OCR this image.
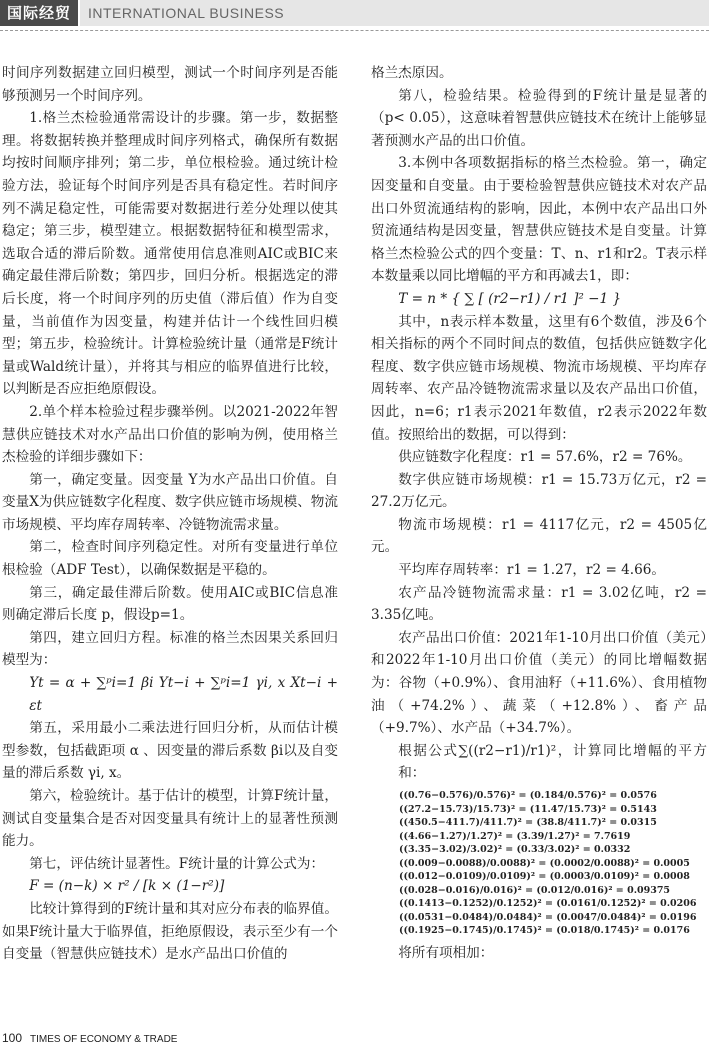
国际经贸	INTERNATIONAL BUSINESS

时间序列数据建立回归模型，测试一个时间序列是否能够预测另一个时间序列。

1.格兰杰检验通常需设计的步骤。第一步，数据整理。将数据转换并整理成时间序列格式，确保所有数据均按时间顺序排列；第二步，单位根检验。通过统计检验方法，验证每个时间序列是否具有稳定性。若时间序列不满足稳定性，可能需要对数据进行差分处理以使其稳定；第三步，模型建立。根据数据特征和模型需求，选取合适的滞后阶数。通常使用信息准则AIC或BIC来确定最佳滞后阶数；第四步，回归分析。根据选定的滞后长度，将一个时间序列的历史值（滞后值）作为自变量，当前值作为因变量，构建并估计一个线性回归模型；第五步，检验统计。计算检验统计量（通常是F统计量或Wald统计量），并将其与相应的临界值进行比较，以判断是否应拒绝原假设。

2.单个样本检验过程步骤举例。以2021-2022年智慧供应链技术对水产品出口价值的影响为例，使用格兰杰检验的详细步骤如下：

第一，确定变量。因变量 Y为水产品出口价值。自变量X为供应链数字化程度、数字供应链市场规模、物流市场规模、平均库存周转率、冷链物流需求量。

第二，检查时间序列稳定性。对所有变量进行单位根检验（ADF Test），以确保数据是平稳的。

第三，确定最佳滞后阶数。使用AIC或BIC信息准则确定滞后长度 p，假设p=1。

第四，建立回归方程。标准的格兰杰因果关系回归模型为：

Yt = α + ∑ᵖi=1 βi Yt−i + ∑ᵖi=1 γi, x Xt−i + εt

第五，采用最小二乘法进行回归分析，从而估计模型参数，包括截距项 α 、因变量的滞后系数 βi以及自变量的滞后系数 γi, x。

第六，检验统计。基于估计的模型，计算F统计量，测试自变量集合是否对因变量具有统计上的显著性预测能力。

第七，评估统计显著性。F统计量的计算公式为：

F = (n−k) × r² / [k × (1−r²)]

比较计算得到的F统计量和其对应分布表的临界值。如果F统计量大于临界值，拒绝原假设，表示至少有一个自变量（智慧供应链技术）是水产品出口价值的

格兰杰原因。

第八，检验结果。检验得到的F统计量是显著的（p< 0.05），这意味着智慧供应链技术在统计上能够显著预测水产品的出口价值。

3.本例中各项数据指标的格兰杰检验。第一，确定因变量和自变量。由于要检验智慧供应链技术对农产品出口外贸流通结构的影响，因此，本例中农产品出口外贸流通结构是因变量，智慧供应链技术是自变量。计算格兰杰检验公式的四个变量：T、n、r1和r2。T表示样本数量乘以同比增幅的平方和再减去1，即：

T = n * { ∑ [ (r2−r1) / r1 ]² −1 }

其中，n表示样本数量，这里有6个数值，涉及6个相关指标的两个不同时间点的数值，包括供应链数字化程度、数字供应链市场规模、物流市场规模、平均库存周转率、农产品冷链物流需求量以及农产品出口价值，因此，n=6；r1表示2021年数值，r2表示2022年数值。按照给出的数据，可以得到：

供应链数字化程度：r1 = 57.6%，r2 = 76%。

数字供应链市场规模：r1 = 15.73万亿元，r2 = 27.2万亿元。

物流市场规模：r1 = 4117亿元，r2 = 4505亿元。

平均库存周转率：r1 = 1.27，r2 = 4.66。

农产品冷链物流需求量：r1 = 3.02亿吨，r2 = 3.35亿吨。

农产品出口价值：2021年1-10月出口价值（美元）和2022年1-10月出口价值（美元）的同比增幅数据为：谷物（+0.9%）、食用油籽（+11.6%）、食用植物油（+74.2%）、蔬菜（+12.8%）、畜产品（+9.7%）、水产品（+34.7%）。

根据公式∑((r2−r1)/r1)²，计算同比增幅的平方和：

((0.76−0.576)/0.576)² = (0.184/0.576)² = 0.0576
((27.2−15.73)/15.73)² = (11.47/15.73)² = 0.5143
((450.5−411.7)/411.7)² = (38.8/411.7)² = 0.0315
((4.66−1.27)/1.27)² = (3.39/1.27)² = 7.7619
((3.35−3.02)/3.02)² = (0.33/3.02)² = 0.0332
((0.009−0.0088)/0.0088)² = (0.0002/0.0088)² = 0.0005
((0.012−0.0109)/0.0109)² = (0.0003/0.0109)² = 0.0008
((0.028−0.016)/0.016)² = (0.012/0.016)² = 0.09375
((0.1413−0.1252)/0.1252)² = (0.0161/0.1252)² = 0.0206
((0.0531−0.0484)/0.0484)² = (0.0047/0.0484)² = 0.0196
((0.1925−0.1745)/0.1745)² = (0.018/0.1745)² = 0.0176

将所有项相加：

100 TIMES OF ECONOMY & TRADE
